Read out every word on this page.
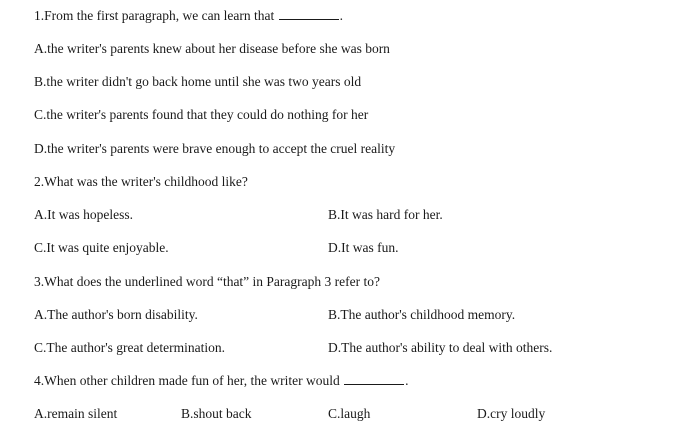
1.From the first paragraph, we can learn that	.
A.the writer's parents knew about her disease before she was born
B.the writer didn't go back home until she was two years old
C.the writer's parents found that they could do nothing for her
D.the writer's parents were brave enough to accept the cruel reality
2.What was the writer's childhood like?
A.It was hopeless.	B.It was hard for her.
C.It was quite enjoyable.	D.It was fun.
3.What does the underlined word “that” in Paragraph 3 refer to?
A.The author's born disability.	B.The author's childhood memory.
C.The author's great determination.	D.The author's ability to deal with others.
4.When other children made fun of her, the writer would	.
A.remain silent	B.shout back	C.laugh	D.cry loudly
